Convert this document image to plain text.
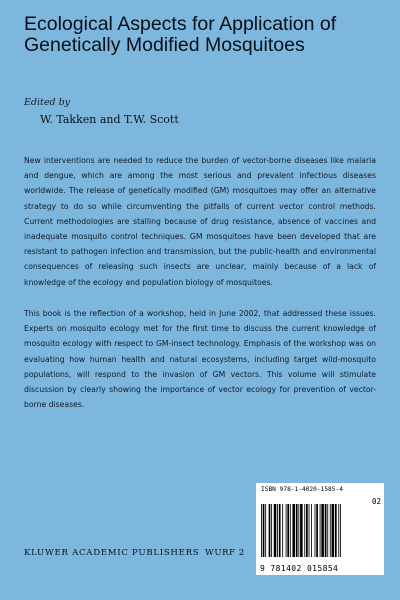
Ecological Aspects for Application of Genetically Modified Mosquitoes
Edited by
W. Takken and T.W. Scott

New interventions are needed to reduce the burden of vector-borne diseases like malaria and dengue, which are among the most serious and prevalent infectious diseases worldwide. The release of genetically modified (GM) mosquitoes may offer an alternative strategy to do so while circumventing the pitfalls of current vector control methods. Current methodologies are stalling because of drug resistance, absence of vaccines and inadequate mosquito control techniques. GM mosquitoes have been developed that are resistant to pathogen infection and transmission, but the public-health and environmental consequences of releasing such insects are unclear, mainly because of a lack of knowledge of the ecology and population biology of mosquitoes.

This book is the reflection of a workshop, held in June 2002, that addressed these issues. Experts on mosquito ecology met for the first time to discuss the current knowledge of mosquito ecology with respect to GM-insect technology. Emphasis of the workshop was on evaluating how human health and natural ecosystems, including target wild-mosquito populations, will respond to the invasion of GM vectors. This volume will stimulate discussion by clearly showing the importance of vector ecology for prevention of vector-borne diseases.

ISBN 978-1-4020-1585-4
02
9 781402 015854
KLUWER ACADEMIC PUBLISHERS WURF 2
